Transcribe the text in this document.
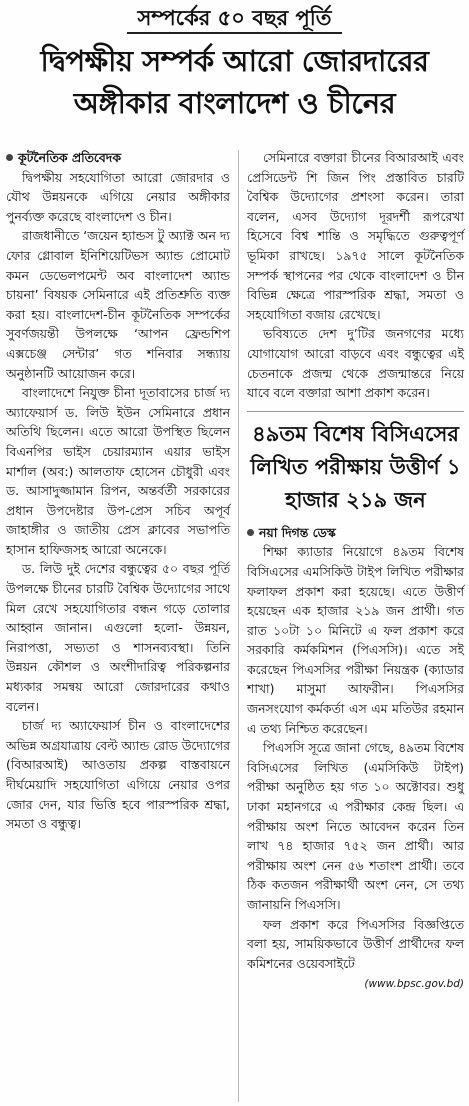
সম্পর্কের ৫০ বছর পূর্তি
দ্বিপক্ষীয় সম্পর্ক আরো জোরদারের অঙ্গীকার বাংলাদেশ ও চীনের
কূটনৈতিক প্রতিবেদক

দ্বিপক্ষীয় সহযোগিতা আরো জোরদার ও যৌথ উন্নয়নকে এগিয়ে নেয়ার অঙ্গীকার পুনর্ব্যক্ত করেছে বাংলাদেশ ও চীন।

রাজধানীতে ‘জয়েন হ্যান্ডস টু অ্যাক্ট অন দ্য ফোর গ্লোবাল ইনিশিয়েটিভস অ্যান্ড প্রোমোট কমন ডেভেলপমেন্ট অব বাংলাদেশ অ্যান্ড চায়না’ বিষয়ক সেমিনারে এই প্রতিশ্রুতি ব্যক্ত করা হয়। বাংলাদেশ-চীন কূটনৈতিক সম্পর্কের সুবর্ণজয়ন্তী উপলক্ষে ‘আপন ফ্রেন্ডশিপ এক্সচেঞ্জ সেন্টার’ গত শনিবার সন্ধ্যায় অনুষ্ঠানটি আয়োজন করে।

বাংলাদেশে নিযুক্ত চীনা দূতাবাসের চার্জ দ্য অ্যাফেয়ার্স ড. লিউ ইউন সেমিনারে প্রধান অতিথি ছিলেন। এতে আরো উপস্থিত ছিলেন বিএনপির ভাইস চেয়ারম্যান এয়ার ভাইস মার্শাল (অব:) আলতাফ হোসেন চৌধুরী এবং ড. আসাদুজ্জামান রিপন, অন্তর্বর্তী সরকারের প্রধান উপদেষ্টার উপ-প্রেস সচিব অপূর্ব জাহাঙ্গীর ও জাতীয় প্রেস ক্লাবের সভাপতি হাসান হাফিজসহ আরো অনেকে।

ড. লিউ দুই দেশের বন্ধুত্বের ৫০ বছর পূর্তি উপলক্ষে চীনের চারটি বৈশ্বিক উদ্যোগের সাথে মিল রেখে সহযোগিতার বন্ধন গড়ে তোলার আহ্বান জানান। এগুলো হলো- উন্নয়ন, নিরাপত্তা, সভ্যতা ও শাসনব্যবস্থা। তিনি উন্নয়ন কৌশল ও অংশীদারিত্ব পরিকল্পনার মধ্যকার সমন্বয় আরো জোরদারের কথাও বলেন।

চার্জ দ্য অ্যাফেয়ার্স চীন ও বাংলাদেশের অভিন্ন অগ্রযাত্রায় বেল্ট অ্যান্ড রোড উদ্যোগের (বিআরআই) আওতায় প্রকল্প বাস্তবায়নে দীর্ঘমেয়াদি সহযোগিতা এগিয়ে নেয়ার ওপর জোর দেন, যার ভিত্তি হবে পারস্পরিক শ্রদ্ধা, সমতা ও বন্ধুত্ব।

সেমিনারে বক্তারা চীনের বিআরআই এবং প্রেসিডেন্ট শি জিন পিং প্রস্তাবিত চারটি বৈশ্বিক উদ্যোগের প্রশংসা করেন। তারা বলেন, এসব উদ্যোগ দূরদর্শী রূপরেখা হিসেবে বিশ্ব শান্তি ও সমৃদ্ধিতে গুরুত্বপূর্ণ ভূমিকা রাখছে। ১৯৭৫ সালে কূটনৈতিক সম্পর্ক স্থাপনের পর থেকে বাংলাদেশ ও চীন বিভিন্ন ক্ষেত্রে পারস্পরিক শ্রদ্ধা, সমতা ও সহযোগিতা বজায় রেখেছে।

ভবিষ্যতে দেশ দু’টির জনগণের মধ্যে যোগাযোগ আরো বাড়বে এবং বন্ধুত্বের এই চেতনাকে প্রজন্ম থেকে প্রজন্মান্তরে নিয়ে যাবে বলে বক্তারা আশা প্রকাশ করেন।

৪৯তম বিশেষ বিসিএসের লিখিত পরীক্ষায় উত্তীর্ণ ১ হাজার ২১৯ জন
নয়া দিগন্ত ডেস্ক

শিক্ষা ক্যাডার নিয়োগে ৪৯তম বিশেষ বিসিএসের এমসিকিউ টাইপ লিখিত পরীক্ষার ফলাফল প্রকাশ করা হয়েছে। এতে উত্তীর্ণ হয়েছেন এক হাজার ২১৯ জন প্রার্থী। গত রাত ১০টা ১০ মিনিটে এ ফল প্রকাশ করে সরকারি কর্মকমিশন (পিএসসি)। এতে সই করেছেন পিএসসির পরীক্ষা নিয়ন্ত্রক (ক্যাডার শাখা) মাসুমা আফরীন। পিএসসির জনসংযোগ কর্মকর্তা এস এম মতিউর রহমান এ তথ্য নিশ্চিত করেছেন।

পিএসসি সূত্রে জানা গেছে, ৪৯তম বিশেষ বিসিএসের লিখিত (এমসিকিউ টাইপ) পরীক্ষা অনুষ্ঠিত হয় গত ১০ অক্টোবর। শুধু ঢাকা মহানগরে এ পরীক্ষার কেন্দ্র ছিল। এ পরীক্ষায় অংশ নিতে আবেদন করেন তিন লাখ ৭৪ হাজার ৭৫২ জন প্রার্থী। আর পরীক্ষায় অংশ নেন ৫৬ শতাংশ প্রার্থী। তবে ঠিক কতজন পরীক্ষার্থী অংশ নেন, সে তথ্য জানায়নি পিএসসি।

ফল প্রকাশ করে পিএসসির বিজ্ঞপ্তিতে বলা হয়, সাময়িকভাবে উত্তীর্ণ প্রার্থীদের ফল কমিশনের ওয়েবসাইটে

(www.bpsc.gov.bd)
